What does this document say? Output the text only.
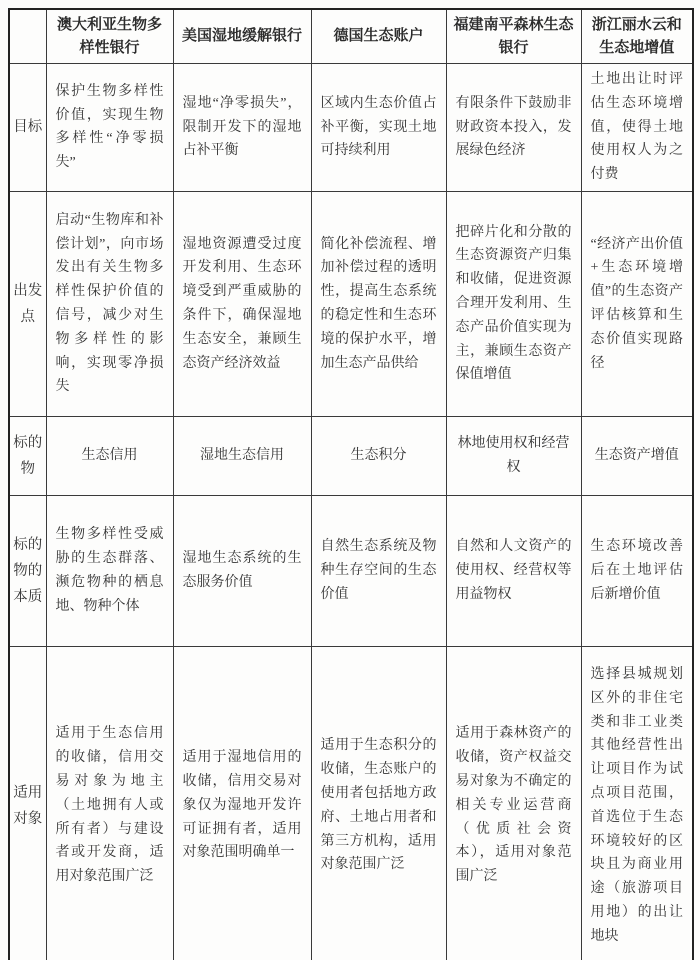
	澳大利亚生物多样性银行	美国湿地缓解银行	德国生态账户	福建南平森林生态银行	浙江丽水云和生态地增值
目标	保护生物多样性价值，实现生物多样性“净零损失”	湿地“净零损失”，限制开发下的湿地占补平衡	区域内生态价值占补平衡，实现土地可持续利用	有限条件下鼓励非财政资本投入，发展绿色经济	土地出让时评估生态环境增值，使得土地使用权人为之付费
出发点	启动“生物库和补偿计划”，向市场发出有关生物多样性保护价值的信号，减少对生物多样性的影响，实现零净损失	湿地资源遭受过度开发利用、生态环境受到严重威胁的条件下，确保湿地生态安全，兼顾生态资产经济效益	简化补偿流程、增加补偿过程的透明性，提高生态系统的稳定性和生态环境的保护水平，增加生态产品供给	把碎片化和分散的生态资源资产归集和收储，促进资源合理开发利用、生态产品价值实现为主，兼顾生态资产保值增值	“经济产出价值+生态环境增值”的生态资产评估核算和生态价值实现路径
标的物	生态信用	湿地生态信用	生态积分	林地使用权和经营权	生态资产增值
标的物的本质	生物多样性受威胁的生态群落、濒危物种的栖息地、物种个体	湿地生态系统的生态服务价值	自然生态系统及物种生存空间的生态价值	自然和人文资产的使用权、经营权等用益物权	生态环境改善后在土地评估后新增价值
适用对象	适用于生态信用的收储，信用交易对象为地主（土地拥有人或所有者）与建设者或开发商，适用对象范围广泛	适用于湿地信用的收储，信用交易对象仅为湿地开发许可证拥有者，适用对象范围明确单一	适用于生态积分的收储，生态账户的使用者包括地方政府、土地占用者和第三方机构，适用对象范围广泛	适用于森林资产的收储，资产权益交易对象为不确定的相关专业运营商（优质社会资本），适用对象范围广泛	选择县城规划区外的非住宅类和非工业类其他经营性出让项目作为试点项目范围，首选位于生态环境较好的区块且为商业用途（旅游项目用地）的出让地块
